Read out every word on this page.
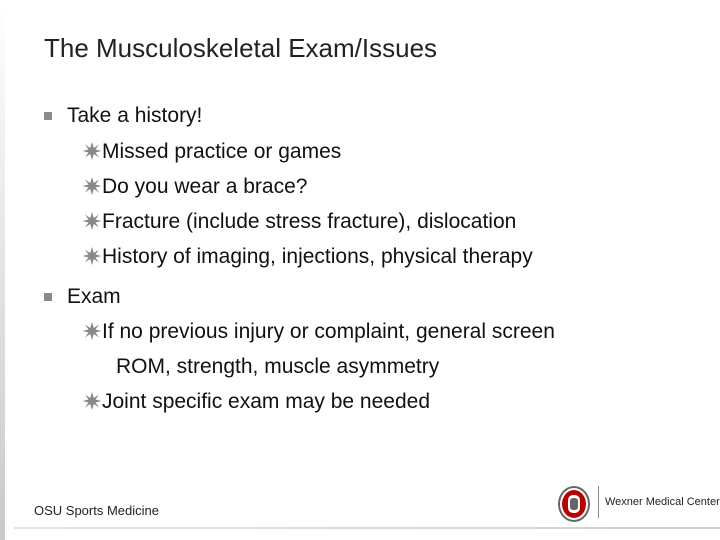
The Musculoskeletal Exam/Issues
Take a history!
Missed practice or games
Do you wear a brace?
Fracture (include stress fracture), dislocation
History of imaging, injections, physical therapy
Exam
If no previous injury or complaint, general screen
ROM, strength, muscle asymmetry
Joint specific exam may be needed
OSU Sports Medicine
Wexner Medical Center
